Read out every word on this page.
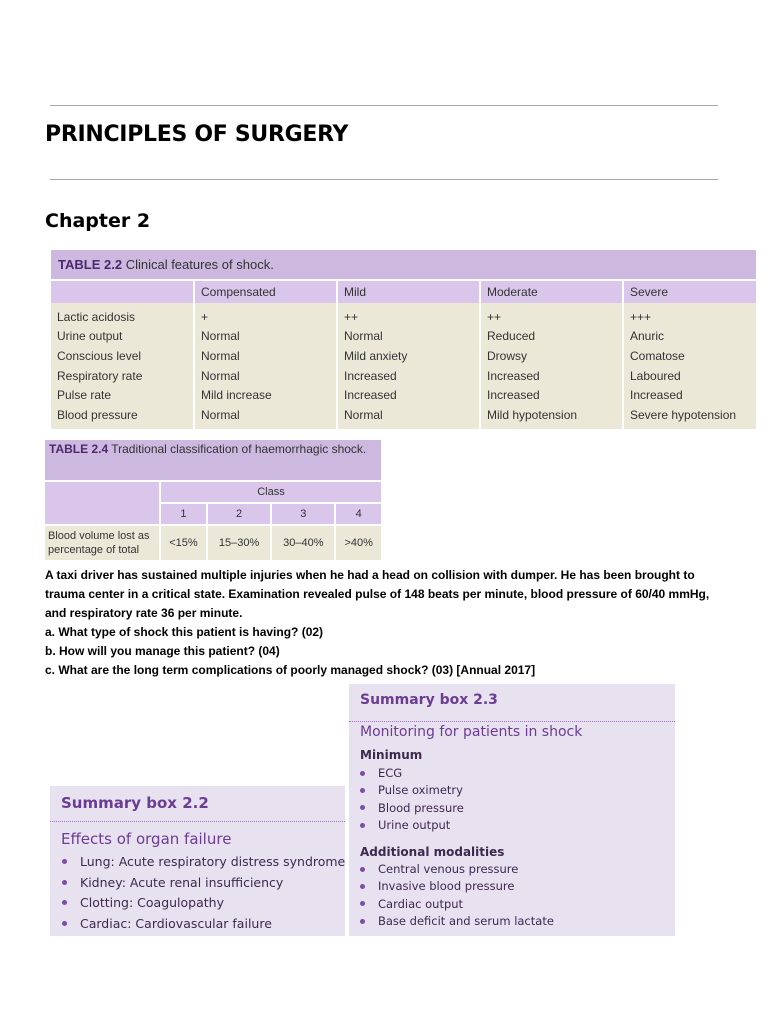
PRINCIPLES OF SURGERY
Chapter 2
TABLE 2.2 Clinical features of shock.				
	Compensated	Mild	Moderate	Severe
Lactic acidosis	+	++	++	+++
Urine output	Normal	Normal	Reduced	Anuric
Conscious level	Normal	Mild anxiety	Drowsy	Comatose
Respiratory rate	Normal	Increased	Increased	Laboured
Pulse rate	Mild increase	Increased	Increased	Increased
Blood pressure	Normal	Normal	Mild hypotension	Severe hypotension
TABLE 2.4 Traditional classification of haemorrhagic shock.				
	Class			
	1	2	3	4
Blood volume lost as percentage of total	<15%	15–30%	30–40%	>40%
A taxi driver has sustained multiple injuries when he had a head on collision with dumper. He has been brought to
trauma center in a critical state. Examination revealed pulse of 148 beats per minute, blood pressure of 60/40 mmHg,
and respiratory rate 36 per minute.
a. What type of shock this patient is having? (02)
b. How will you manage this patient? (04)
c. What are the long term complications of poorly managed shock? (03) [Annual 2017]
Summary box 2.3
Monitoring for patients in shock
Minimum
ECG
Pulse oximetry
Blood pressure
Urine output
Additional modalities
Central venous pressure
Invasive blood pressure
Cardiac output
Base deficit and serum lactate
Summary box 2.2
Effects of organ failure
Lung: Acute respiratory distress syndrome
Kidney: Acute renal insufficiency
Clotting: Coagulopathy
Cardiac: Cardiovascular failure
